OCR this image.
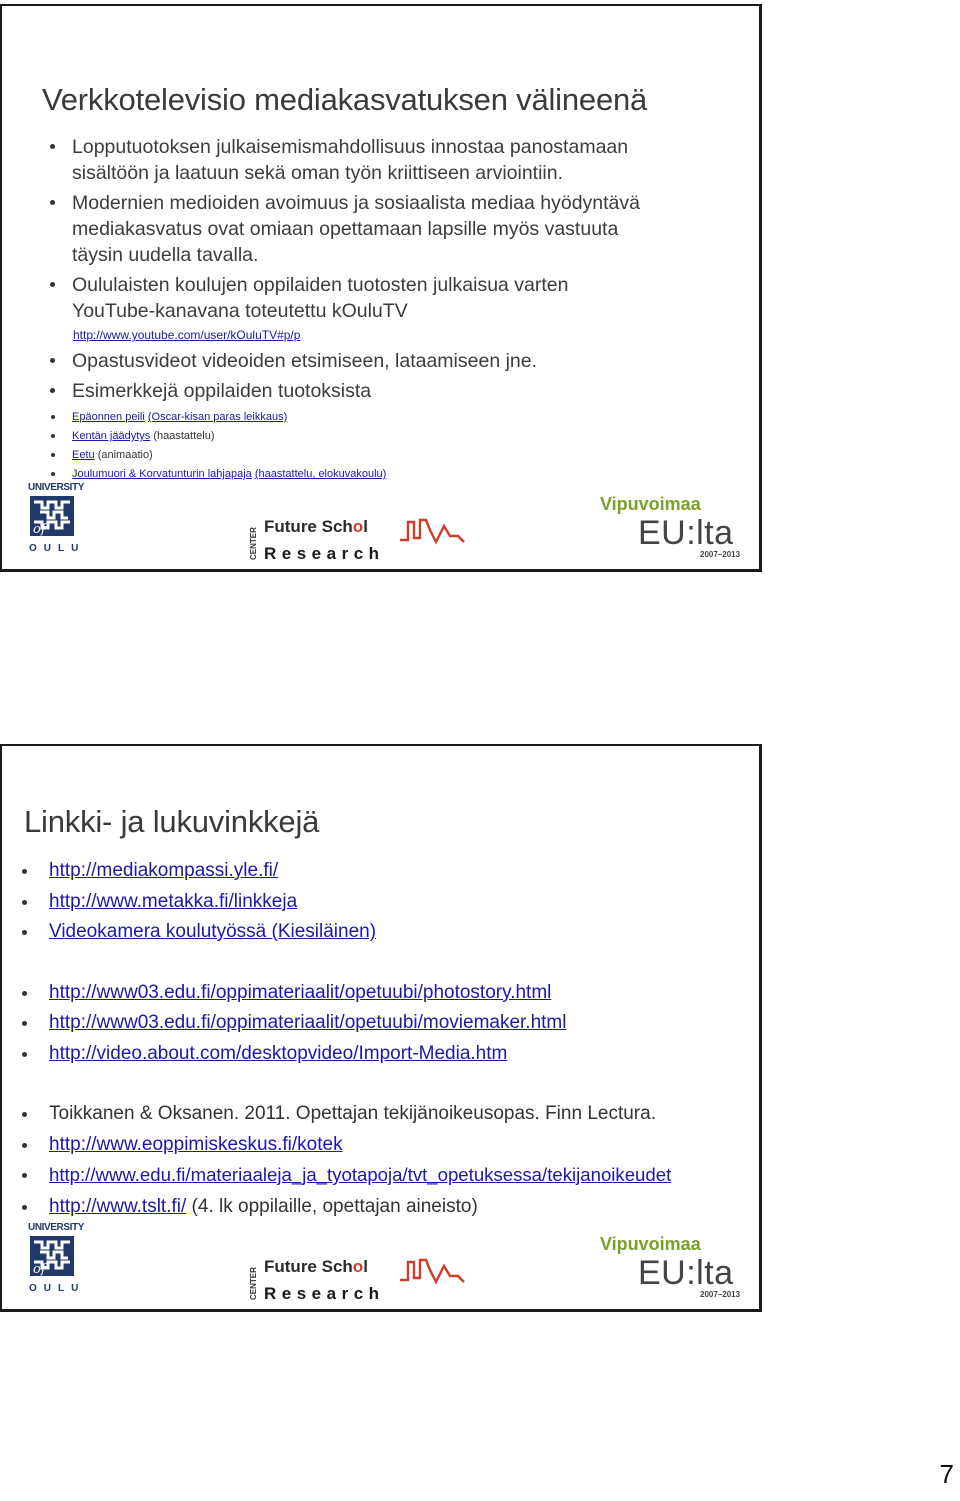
Verkkotelevisio mediakasvatuksen välineenä
Lopputuotoksen julkaisemismahdollisuus innostaa panostamaan
sisältöön ja laatuun sekä oman työn kriittiseen arviointiin.
Modernien medioiden avoimuus ja sosiaalista mediaa hyödyntävä
mediakasvatus ovat omiaan opettamaan lapsille myös vastuuta
täysin uudella tavalla.
Oululaisten koulujen oppilaiden tuotosten julkaisua varten
YouTube-kanavana toteutettu kOuluTV
http://www.youtube.com/user/kOuluTV#p/p
Opastusvideot videoiden etsimiseen, lataamiseen jne.
Esimerkkejä oppilaiden tuotoksista
Epäonnen peili (Oscar-kisan paras leikkaus)
Kentän jäädytys (haastattelu)
Eetu (animaatio)
Joulumuori & Korvatunturin lahjapaja (haastattelu, elokuvakoulu)
UNIVERSITY
of
OULU	CENTER
Future Schol
Research
Vipuvoimaa
EU:lta
2007–2013
Linkki- ja lukuvinkkejä
http://mediakompassi.yle.fi/
http://www.metakka.fi/linkkeja
Videokamera koulutyössä (Kiesiläinen)
http://www03.edu.fi/oppimateriaalit/opetuubi/photostory.html
http://www03.edu.fi/oppimateriaalit/opetuubi/moviemaker.html
http://video.about.com/desktopvideo/Import-Media.htm
Toikkanen & Oksanen. 2011. Opettajan tekijänoikeusopas. Finn Lectura.
http://www.eoppimiskeskus.fi/kotek
http://www.edu.fi/materiaaleja_ja_tyotapoja/tvt_opetuksessa/tekijanoikeudet
http://www.tslt.fi/ (4. lk oppilaille, opettajan aineisto)
UNIVERSITY
of
OULU	CENTER
Future Schol
Research
Vipuvoimaa
EU:lta
2007–2013
7
